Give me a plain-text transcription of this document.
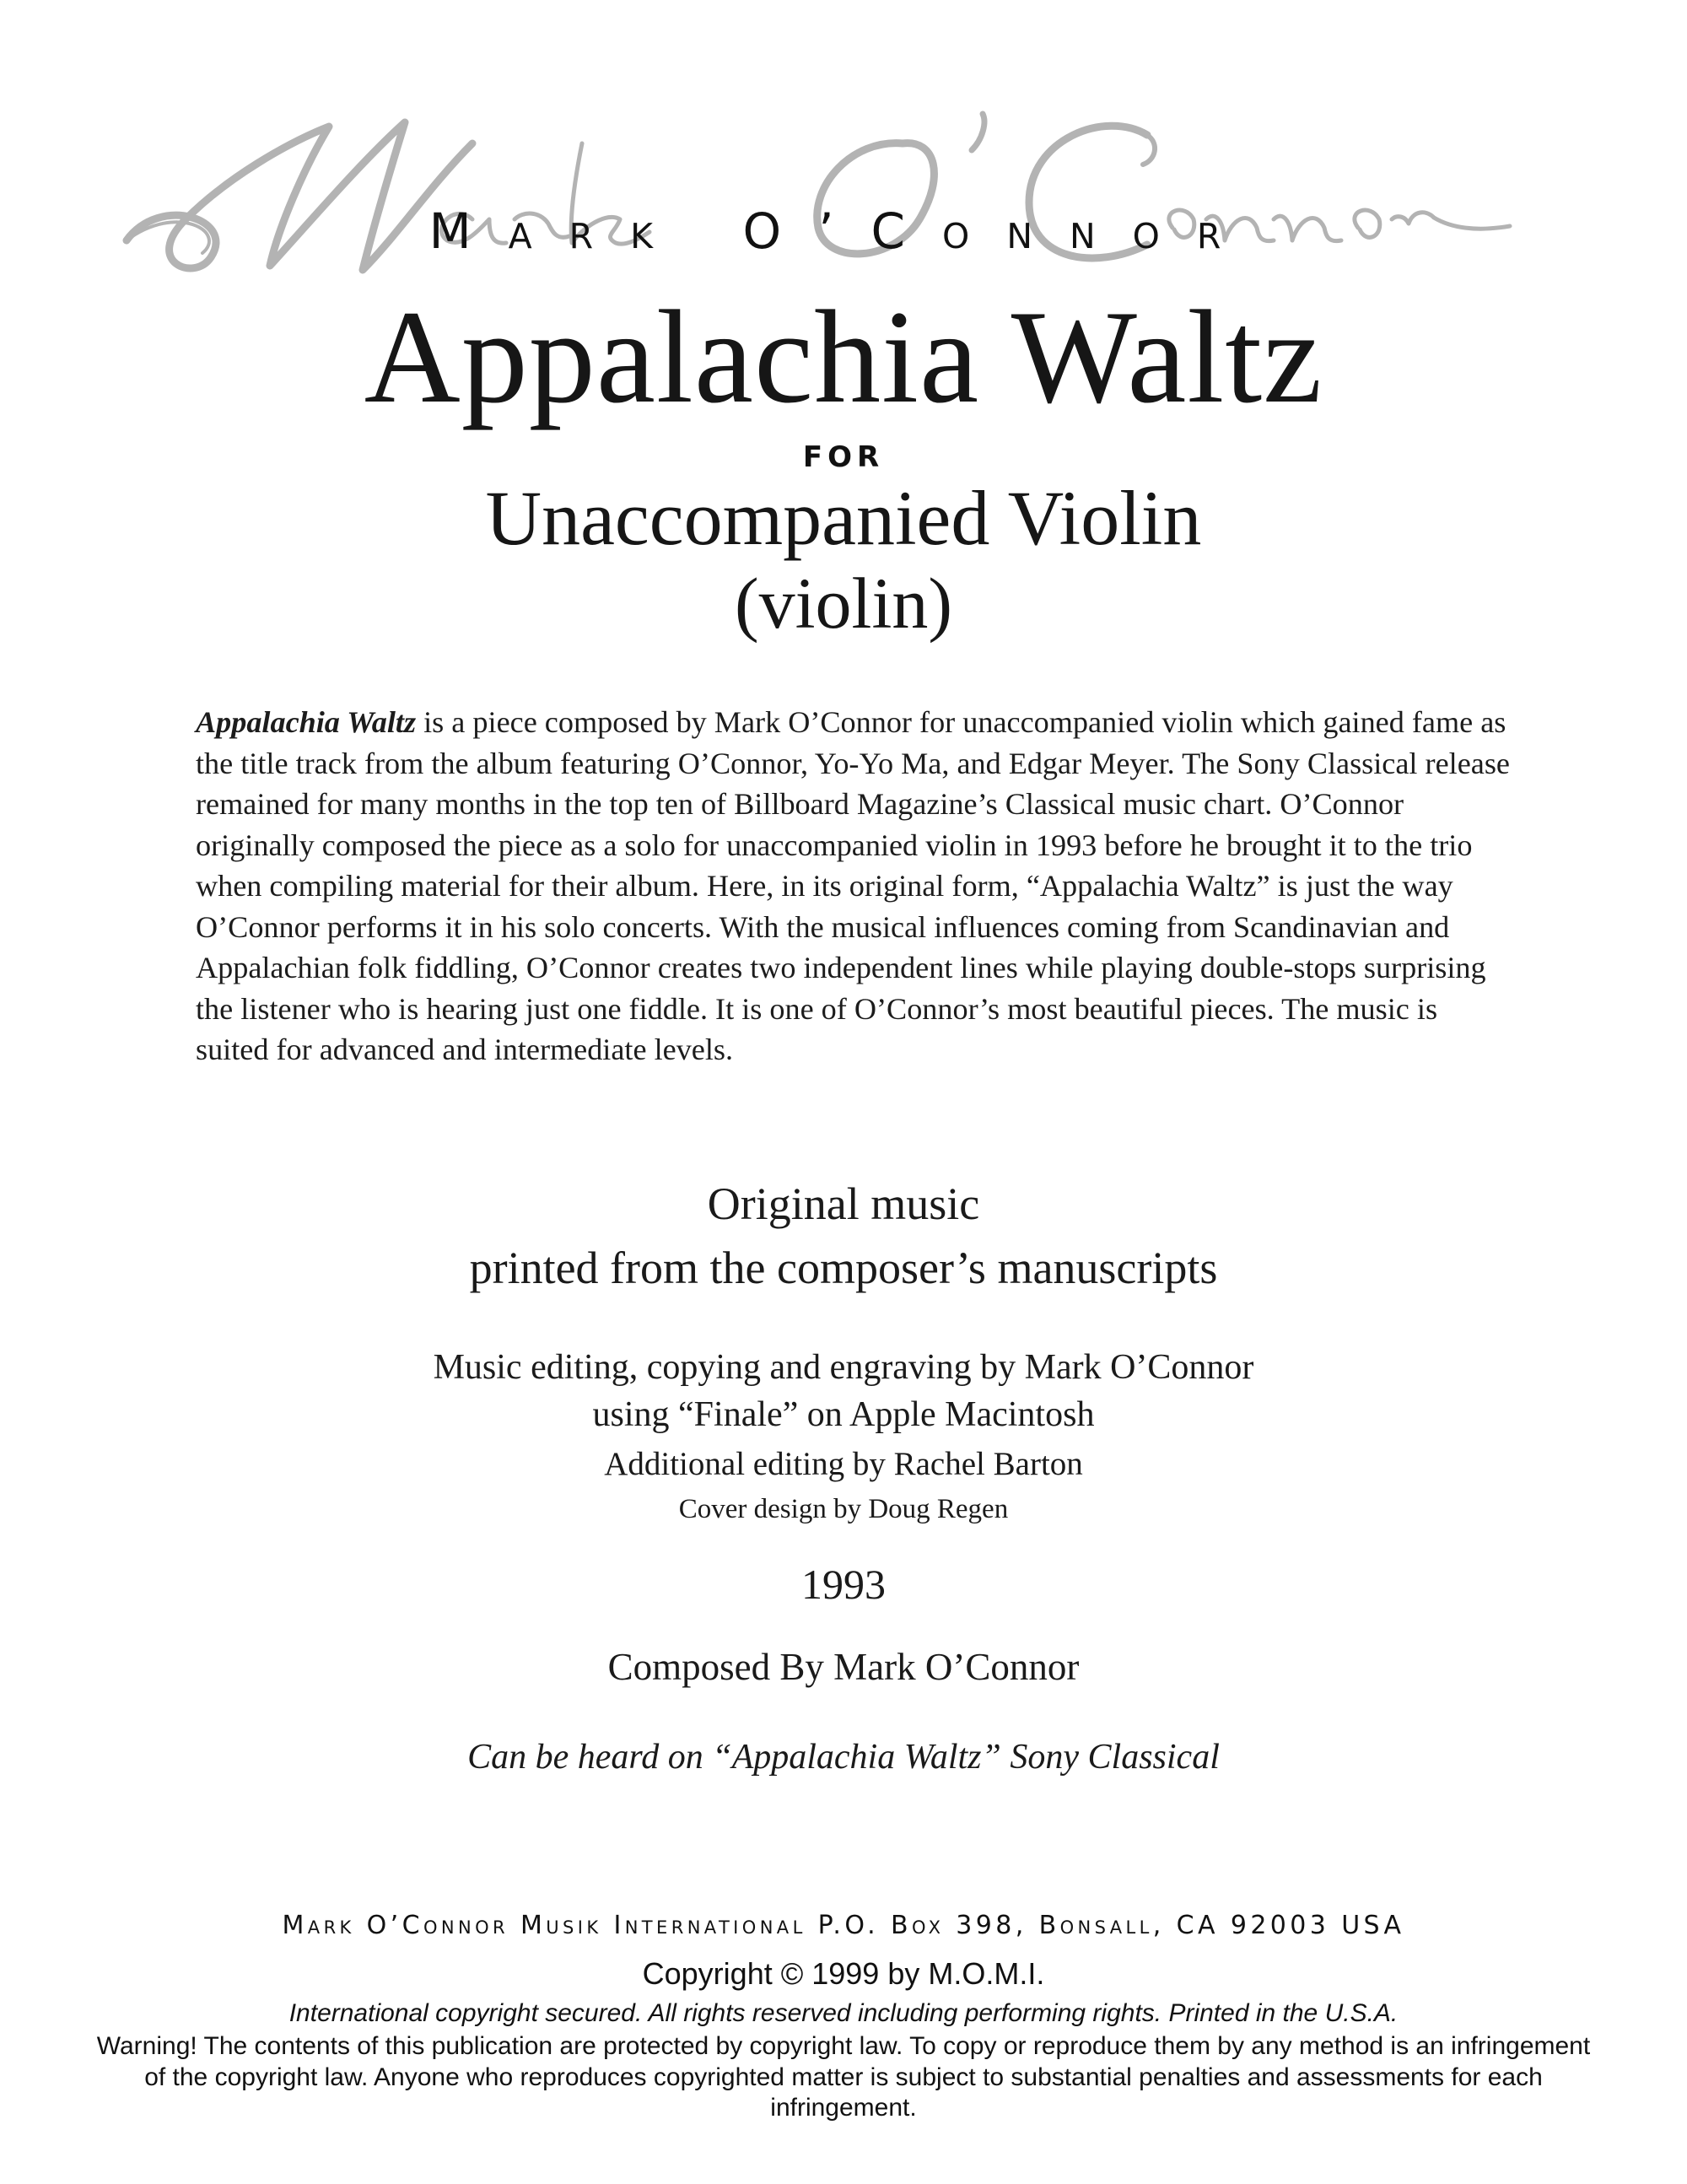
Mark O’Connor
Appalachia Waltz
FOR
Unaccompanied Violin
(violin)
Appalachia Waltz is a piece composed by Mark O’Connor for unaccompanied violin which gained fame as the title track from the album featuring O’Connor, Yo-Yo Ma, and Edgar Meyer. The Sony Classical release remained for many months in the top ten of Billboard Magazine’s Classical music chart. O’Connor originally composed the piece as a solo for unaccompanied violin in 1993 before he brought it to the trio when compiling material for their album. Here, in its original form, “Appalachia Waltz” is just the way O’Connor performs it in his solo concerts. With the musical influences coming from Scandinavian and Appalachian folk fiddling, O’Connor creates two independent lines while playing double-stops surprising the listener who is hearing just one fiddle. It is one of O’Connor’s most beautiful pieces. The music is suited for advanced and intermediate levels.
Original music
printed from the composer’s manuscripts
Music editing, copying and engraving by Mark O’Connor
using “Finale” on Apple Macintosh
Additional editing by Rachel Barton
Cover design by Doug Regen
1993
Composed By Mark O’Connor
Can be heard on “Appalachia Waltz” Sony Classical
Mark O’Connor Musik International P.O. Box 398, Bonsall, CA 92003 USA
Copyright © 1999 by M.O.M.I.
International copyright secured. All rights reserved including performing rights. Printed in the U.S.A.
Warning! The contents of this publication are protected by copyright law. To copy or reproduce them by any method is an infringement of the copyright law. Anyone who reproduces copyrighted matter is subject to substantial penalties and assessments for each infringement.
